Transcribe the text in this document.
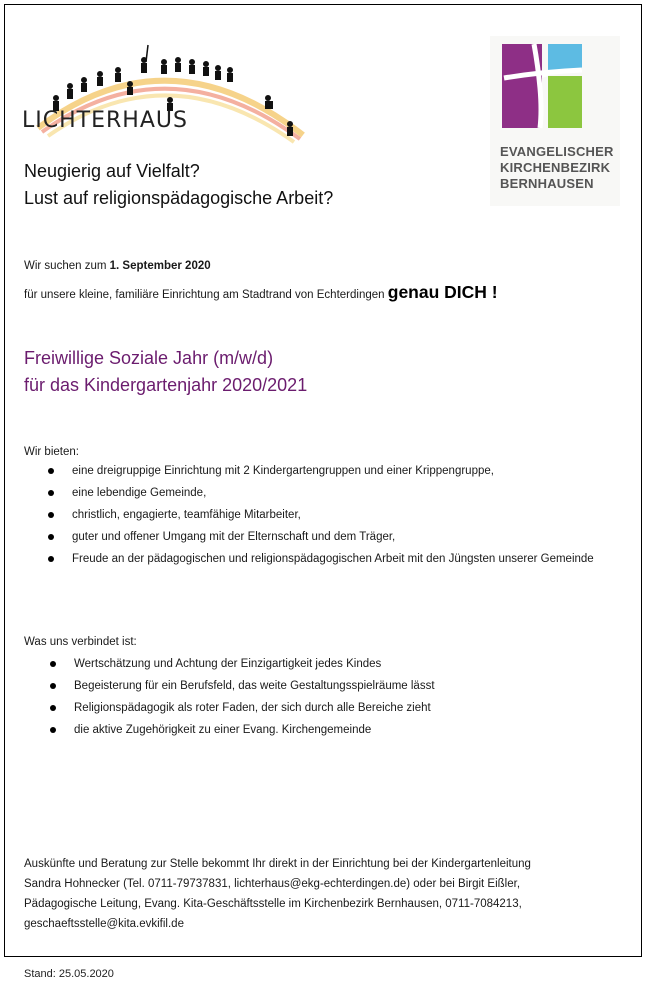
LICHTERHAUS
EVANGELISCHER
KIRCHENBEZIRK
BERNHAUSEN
Neugierig auf Vielfalt?
Lust auf religionspädagogische Arbeit?
Wir suchen zum 1. September 2020
für unsere kleine, familiäre Einrichtung am Stadtrand von Echterdingen genau DICH !
Freiwillige Soziale Jahr (m/w/d)
für das Kindergartenjahr 2020/2021
Wir bieten:
eine dreigruppige Einrichtung mit 2 Kindergartengruppen und einer Krippengruppe,
eine lebendige Gemeinde,
christlich, engagierte, teamfähige Mitarbeiter,
guter und offener Umgang mit der Elternschaft und dem Träger,
Freude an der pädagogischen und religionspädagogischen Arbeit mit den Jüngsten unserer Gemeinde
Was uns verbindet ist:
Wertschätzung und Achtung der Einzigartigkeit jedes Kindes
Begeisterung für ein Berufsfeld, das weite Gestaltungsspielräume lässt
Religionspädagogik als roter Faden, der sich durch alle Bereiche zieht
die aktive Zugehörigkeit zu einer Evang. Kirchengemeinde
Auskünfte und Beratung zur Stelle bekommt Ihr direkt in der Einrichtung bei der Kindergartenleitung
Sandra Hohnecker (Tel. 0711-79737831, lichterhaus@ekg-echterdingen.de) oder bei Birgit Eißler,
Pädagogische Leitung, Evang. Kita-Geschäftsstelle im Kirchenbezirk Bernhausen, 0711-7084213,
geschaeftsstelle@kita.evkifil.de
Stand: 25.05.2020
